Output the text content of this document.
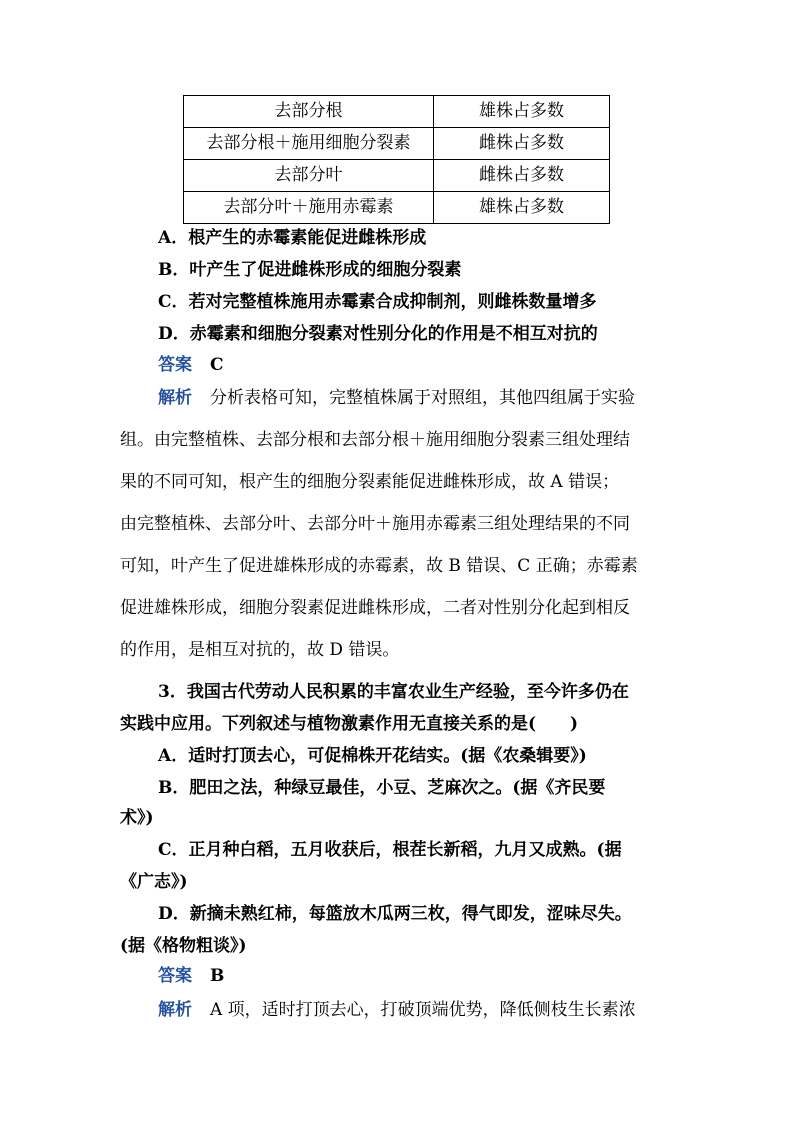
去部分根	雄株占多数
去部分根＋施用细胞分裂素	雌株占多数
去部分叶	雌株占多数
去部分叶＋施用赤霉素	雄株占多数
A．根产生的赤霉素能促进雌株形成
B．叶产生了促进雌株形成的细胞分裂素
C．若对完整植株施用赤霉素合成抑制剂，则雌株数量增多
D．赤霉素和细胞分裂素对性别分化的作用是不相互对抗的
答案 C
解析 分析表格可知，完整植株属于对照组，其他四组属于实验
组。由完整植株、去部分根和去部分根＋施用细胞分裂素三组处理结
果的不同可知，根产生的细胞分裂素能促进雌株形成，故 A 错误；
由完整植株、去部分叶、去部分叶＋施用赤霉素三组处理结果的不同
可知，叶产生了促进雄株形成的赤霉素，故 B 错误、C 正确；赤霉素
促进雄株形成，细胞分裂素促进雌株形成，二者对性别分化起到相反
的作用，是相互对抗的，故 D 错误。
3．我国古代劳动人民积累的丰富农业生产经验，至今许多仍在
实践中应用。下列叙述与植物激素作用无直接关系的是(　　)
A．适时打顶去心，可促棉株开花结实。(据《农桑辑要》)
B．肥田之法，种绿豆最佳，小豆、芝麻次之。(据《齐民要
术》)
C．正月种白稻，五月收获后，根茬长新稻，九月又成熟。(据
《广志》)
D．新摘未熟红柿，每篮放木瓜两三枚，得气即发，涩味尽失。
(据《格物粗谈》)
答案 B
解析 A 项，适时打顶去心，打破顶端优势，降低侧枝生长素浓
